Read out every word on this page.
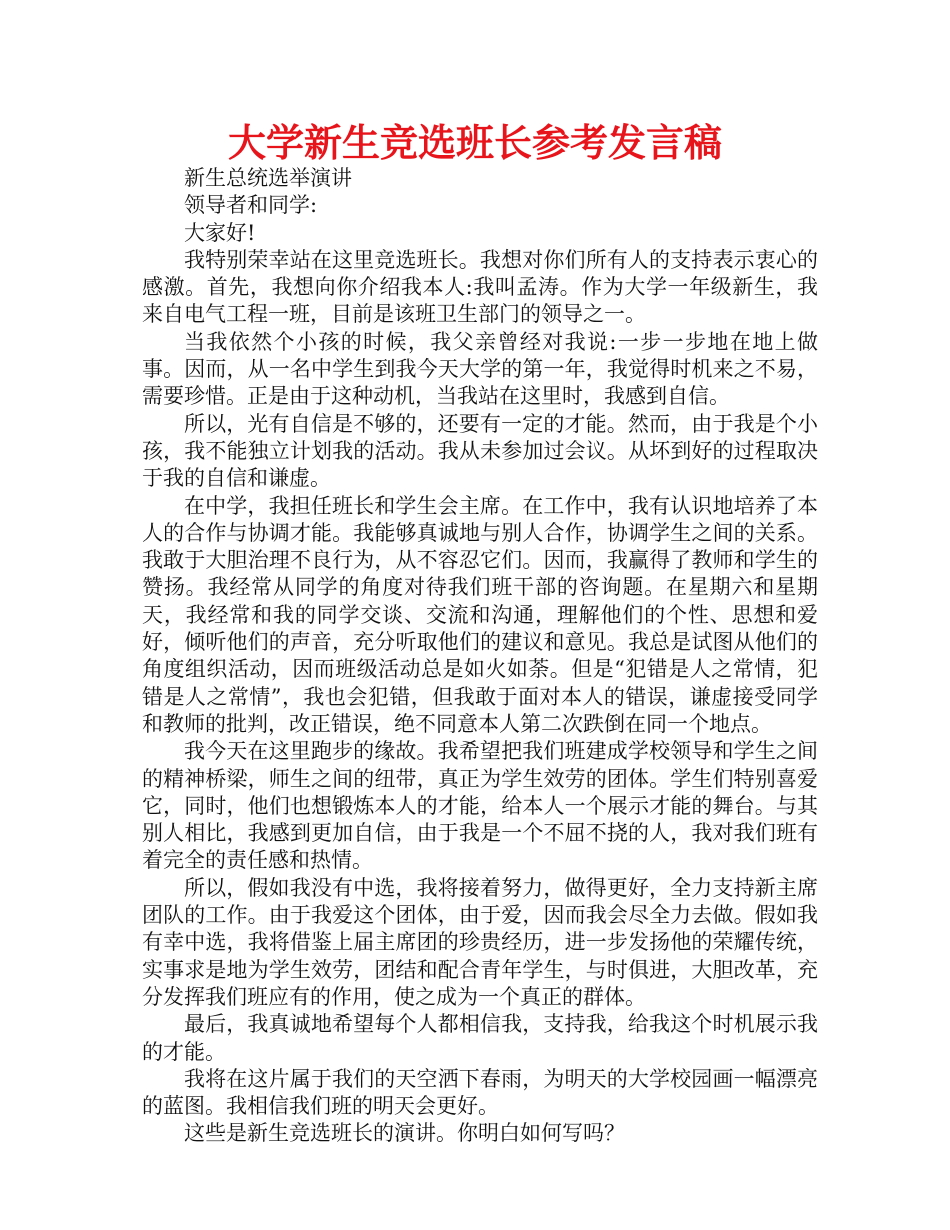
大学新生竞选班长参考发言稿

新生总统选举演讲

领导者和同学:

大家好!

我特别荣幸站在这里竞选班长。我想对你们所有人的支持表示衷心的感激。首先，我想向你介绍我本人:我叫孟涛。作为大学一年级新生，我来自电气工程一班，目前是该班卫生部门的领导之一。

当我依然个小孩的时候，我父亲曾经对我说:一步一步地在地上做事。因而，从一名中学生到我今天大学的第一年，我觉得时机来之不易，需要珍惜。正是由于这种动机，当我站在这里时，我感到自信。

所以，光有自信是不够的，还要有一定的才能。然而，由于我是个小孩，我不能独立计划我的活动。我从未参加过会议。从坏到好的过程取决于我的自信和谦虚。

在中学，我担任班长和学生会主席。在工作中，我有认识地培养了本人的合作与协调才能。我能够真诚地与别人合作，协调学生之间的关系。我敢于大胆治理不良行为，从不容忍它们。因而，我赢得了教师和学生的赞扬。我经常从同学的角度对待我们班干部的咨询题。在星期六和星期天，我经常和我的同学交谈、交流和沟通，理解他们的个性、思想和爱好，倾听他们的声音，充分听取他们的建议和意见。我总是试图从他们的角度组织活动，因而班级活动总是如火如荼。但是“犯错是人之常情，犯错是人之常情”，我也会犯错，但我敢于面对本人的错误，谦虚接受同学和教师的批判，改正错误，绝不同意本人第二次跌倒在同一个地点。

我今天在这里跑步的缘故。我希望把我们班建成学校领导和学生之间的精神桥梁，师生之间的纽带，真正为学生效劳的团体。学生们特别喜爱它，同时，他们也想锻炼本人的才能，给本人一个展示才能的舞台。与其别人相比，我感到更加自信，由于我是一个不屈不挠的人，我对我们班有着完全的责任感和热情。

所以，假如我没有中选，我将接着努力，做得更好，全力支持新主席团队的工作。由于我爱这个团体，由于爱，因而我会尽全力去做。假如我有幸中选，我将借鉴上届主席团的珍贵经历，进一步发扬他的荣耀传统，实事求是地为学生效劳，团结和配合青年学生，与时俱进，大胆改革，充分发挥我们班应有的作用，使之成为一个真正的群体。

最后，我真诚地希望每个人都相信我，支持我，给我这个时机展示我的才能。

我将在这片属于我们的天空洒下春雨，为明天的大学校园画一幅漂亮的蓝图。我相信我们班的明天会更好。

这些是新生竞选班长的演讲。你明白如何写吗？
